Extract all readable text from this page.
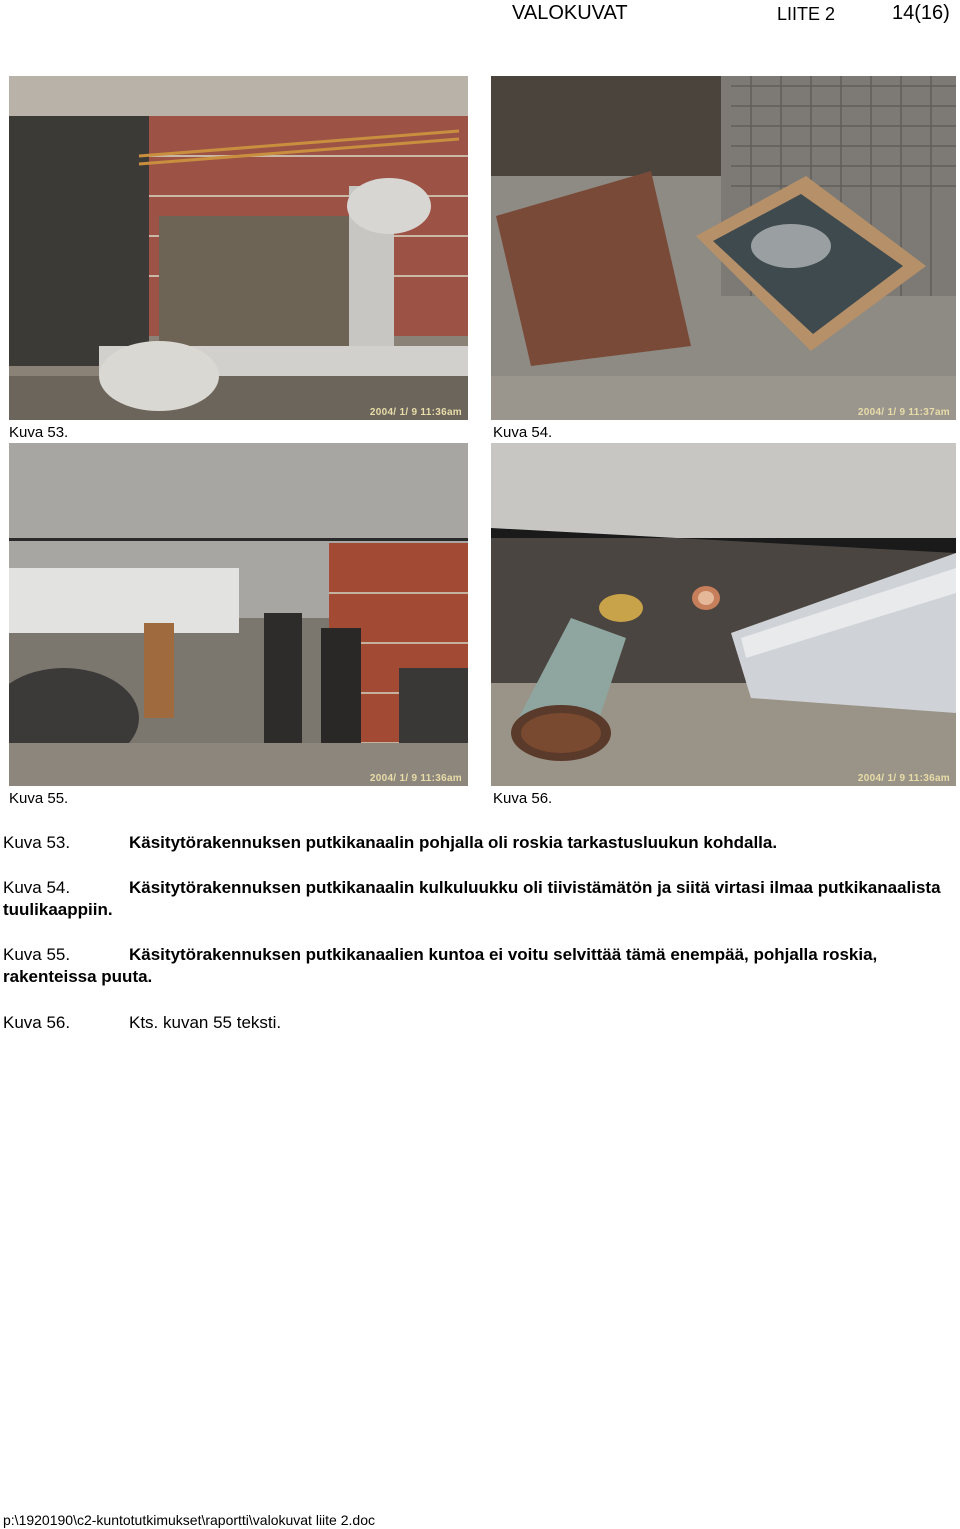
VALOKUVAT	LIITE 2	14(16)
2004/ 1/ 9 11:36am
Kuva 53.
2004/ 1/ 9 11:37am
Kuva 54.
2004/ 1/ 9 11:36am
Kuva 55.
2004/ 1/ 9 11:36am
Kuva 56.
Kuva 53.	Käsitytörakennuksen putkikanaalin pohjalla oli roskia tarkastusluukun kohdalla.
Kuva 54.	Käsitytörakennuksen putkikanaalin kulkuluukku oli tiivistämätön ja siitä virtasi ilmaa putkikanaalista tuulikaappiin.
Kuva 55.	Käsitytörakennuksen putkikanaalien kuntoa ei voitu selvittää tämä enempää, pohjalla roskia, rakenteissa puuta.
Kuva 56.	Kts. kuvan 55 teksti.
p:\1920190\c2-kuntotutkimukset\raportti\valokuvat liite 2.doc
